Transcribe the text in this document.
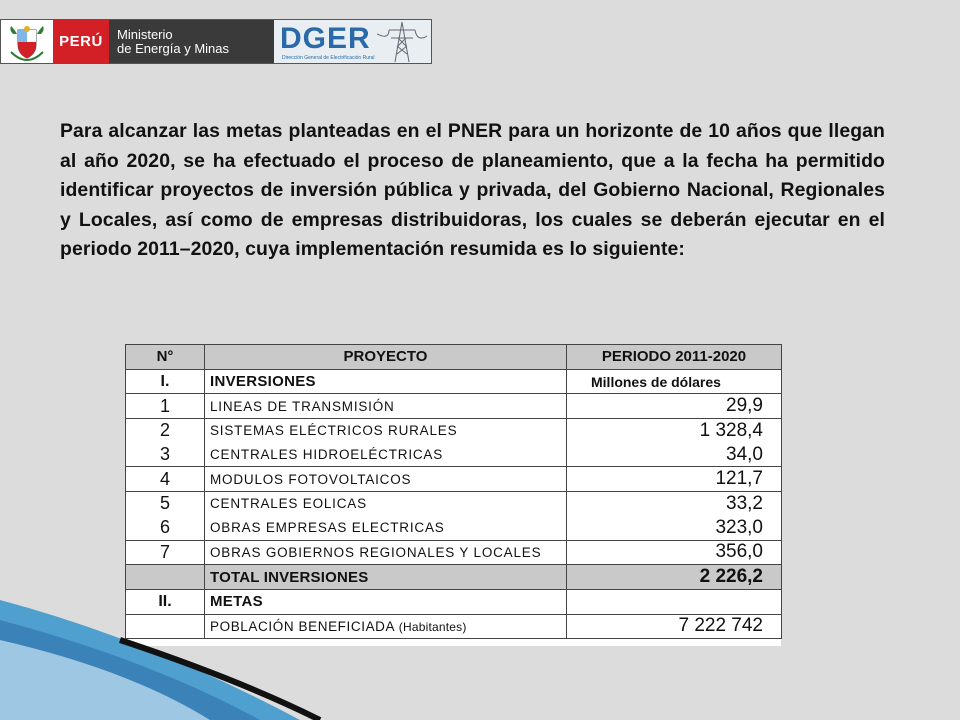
PERÚ	Ministerio
de Energía y Minas	DGER
Dirección General de Electrificación Rural
Para alcanzar las metas planteadas en el PNER para un horizonte de 10 años que llegan al año 2020, se ha efectuado el proceso de planeamiento, que a la fecha ha permitido identificar proyectos de inversión pública y privada, del Gobierno Nacional, Regionales y Locales, así como de empresas distribuidoras, los cuales se deberán ejecutar en el periodo 2011–2020, cuya implementación resumida es lo siguiente:
N°	PROYECTO	PERIODO 2011-2020
I.	INVERSIONES	Millones de dólares
1	LINEAS DE TRANSMISIÓN	29,9
2	SISTEMAS ELÉCTRICOS RURALES	1 328,4
3	CENTRALES HIDROELÉCTRICAS	34,0
4	MODULOS FOTOVOLTAICOS	121,7
5	CENTRALES EOLICAS	33,2
6	OBRAS EMPRESAS ELECTRICAS	323,0
7	OBRAS GOBIERNOS REGIONALES Y LOCALES	356,0
	TOTAL INVERSIONES	2 226,2
II.	METAS	
	POBLACIÓN BENEFICIADA (Habitantes)	7 222 742
